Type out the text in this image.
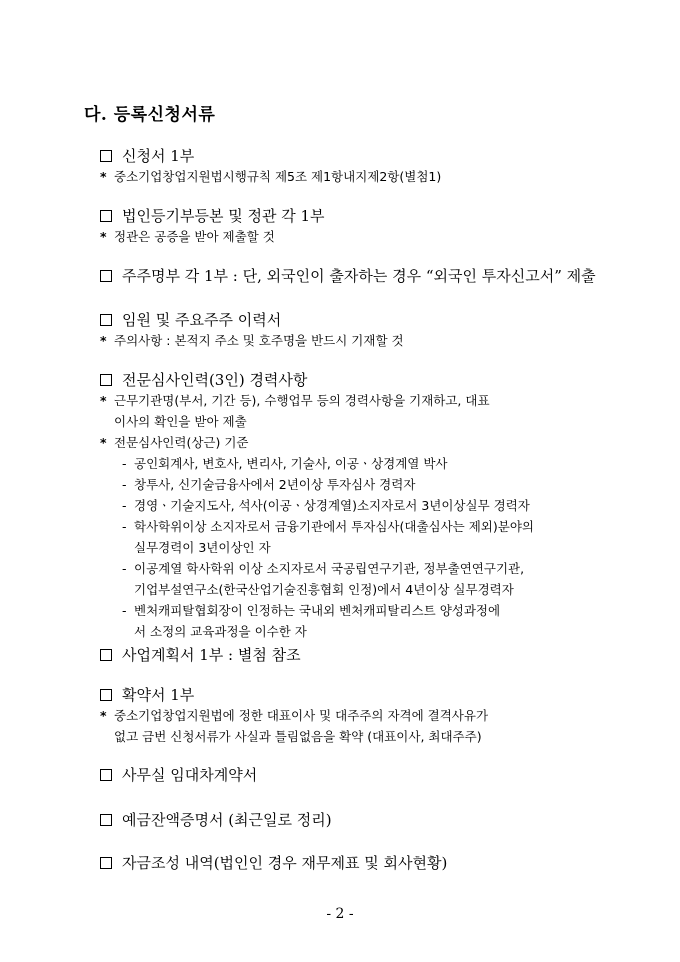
다. 등록신청서류
신청서 1부
* 중소기업창업지원법시행규칙 제5조 제1항내지제2항(별첨1)
법인등기부등본 및 정관 각 1부
* 정관은 공증을 받아 제출할 것
주주명부 각 1부 : 단, 외국인이 출자하는 경우 “외국인 투자신고서” 제출
임원 및 주요주주 이력서
* 주의사항 : 본적지 주소 및 호주명을 반드시 기재할 것
전문심사인력(3인) 경력사항
* 근무기관명(부서, 기간 등), 수행업무 등의 경력사항을 기재하고, 대표
이사의 확인을 받아 제출
* 전문심사인력(상근) 기준
- 공인회계사, 변호사, 변리사, 기술사, 이공ㆍ상경계열 박사
- 창투사, 신기술금융사에서 2년이상 투자심사 경력자
- 경영ㆍ기술지도사, 석사(이공ㆍ상경계열)소지자로서 3년이상실무 경력자
- 학사학위이상 소지자로서 금융기관에서 투자심사(대출심사는 제외)분야의
실무경력이 3년이상인 자
- 이공계열 학사학위 이상 소지자로서 국공립연구기관, 정부출연연구기관,
기업부설연구소(한국산업기술진흥협회 인정)에서 4년이상 실무경력자
- 벤처캐피탈협회장이 인정하는 국내외 벤처캐피탈리스트 양성과정에
서 소정의 교육과정을 이수한 자
사업계획서 1부 : 별첨 참조
확약서 1부
* 중소기업창업지원법에 정한 대표이사 및 대주주의 자격에 결격사유가
없고 금번 신청서류가 사실과 틀림없음을 확약 (대표이사, 최대주주)
사무실 임대차계약서
예금잔액증명서 (최근일로 정리)
자금조성 내역(법인인 경우 재무제표 및 회사현황)
- 2 -
